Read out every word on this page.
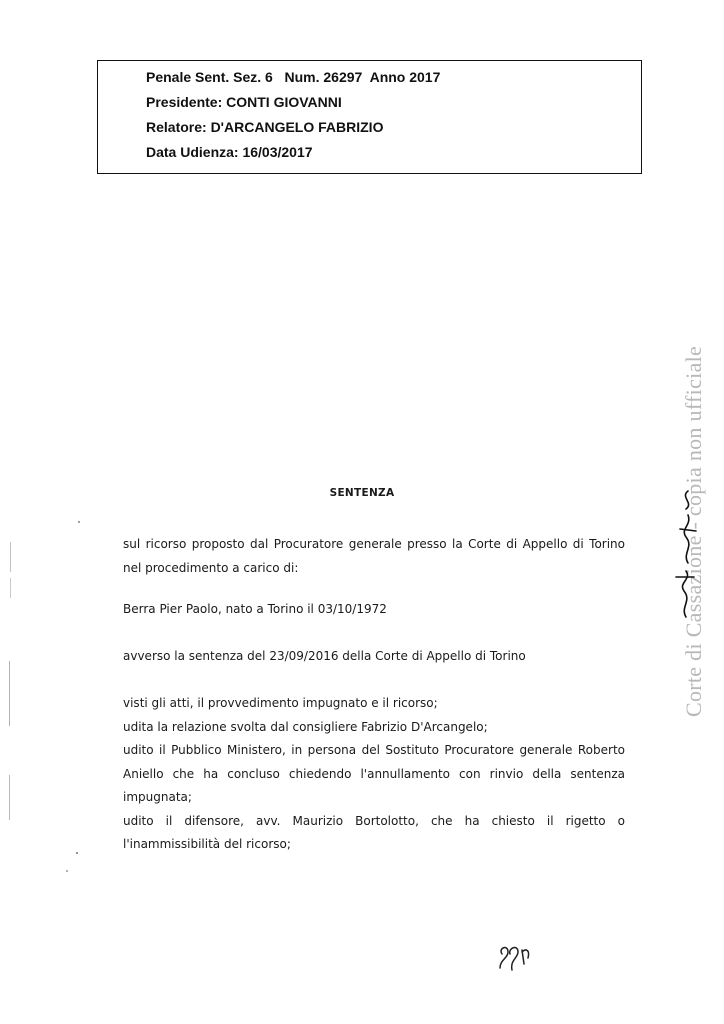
Penale Sent. Sez. 6   Num. 26297  Anno 2017
Presidente: CONTI GIOVANNI
Relatore: D'ARCANGELO FABRIZIO
Data Udienza: 16/03/2017
SENTENZA

sul ricorso proposto dal Procuratore generale presso la Corte di Appello di Torino

nel procedimento a carico di:

Berra Pier Paolo, nato a Torino il 03/10/1972

avverso la sentenza del 23/09/2016 della Corte di Appello di Torino

visti gli atti, il provvedimento impugnato e il ricorso;

udita la relazione svolta dal consigliere Fabrizio D'Arcangelo;

udito il Pubblico Ministero, in persona del Sostituto Procuratore generale Roberto

Aniello che ha concluso chiedendo l'annullamento con rinvio della sentenza

impugnata;

udito il difensore, avv. Maurizio Bortolotto, che ha chiesto il rigetto o

l'inammissibilità del ricorso;

Corte di Cassazione - copia non ufficiale
